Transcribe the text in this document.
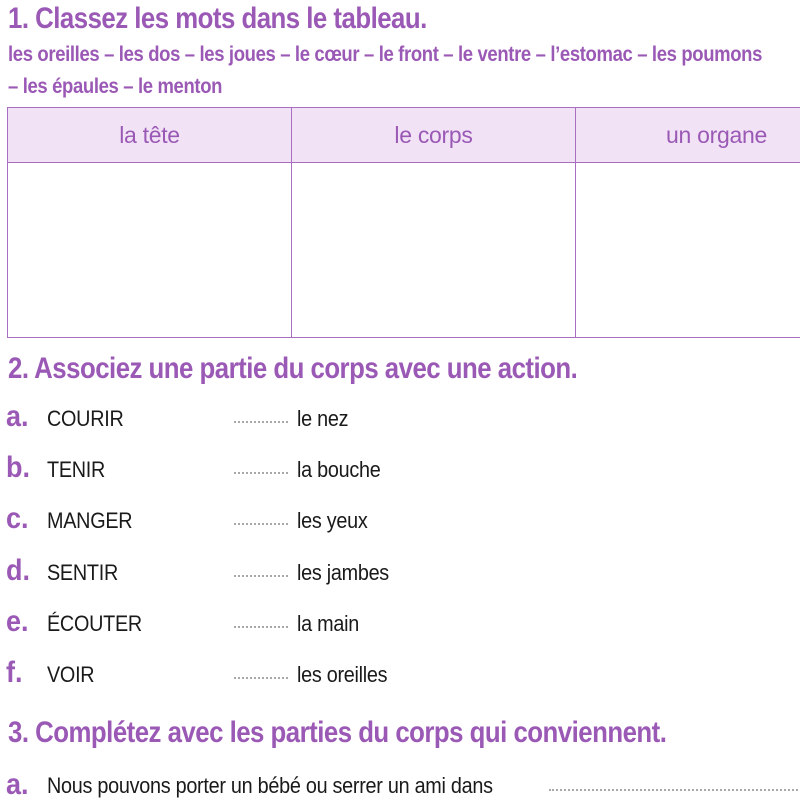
1. Classez les mots dans le tableau.

les oreilles – les dos – les joues – le cœur – le front – le ventre – l’estomac – les poumons

– les épaules – le menton

la tête	le corps	un organe

2. Associez une partie du corps avec une action.
a. COURIR	le nez
b. TENIR	la bouche
c. MANGER	les yeux
d. SENTIR	les jambes
e. ÉCOUTER	la main
f. VOIR	les oreilles
3. Complétez avec les parties du corps qui conviennent.
a. Nous pouvons porter un bébé ou serrer un ami dans
